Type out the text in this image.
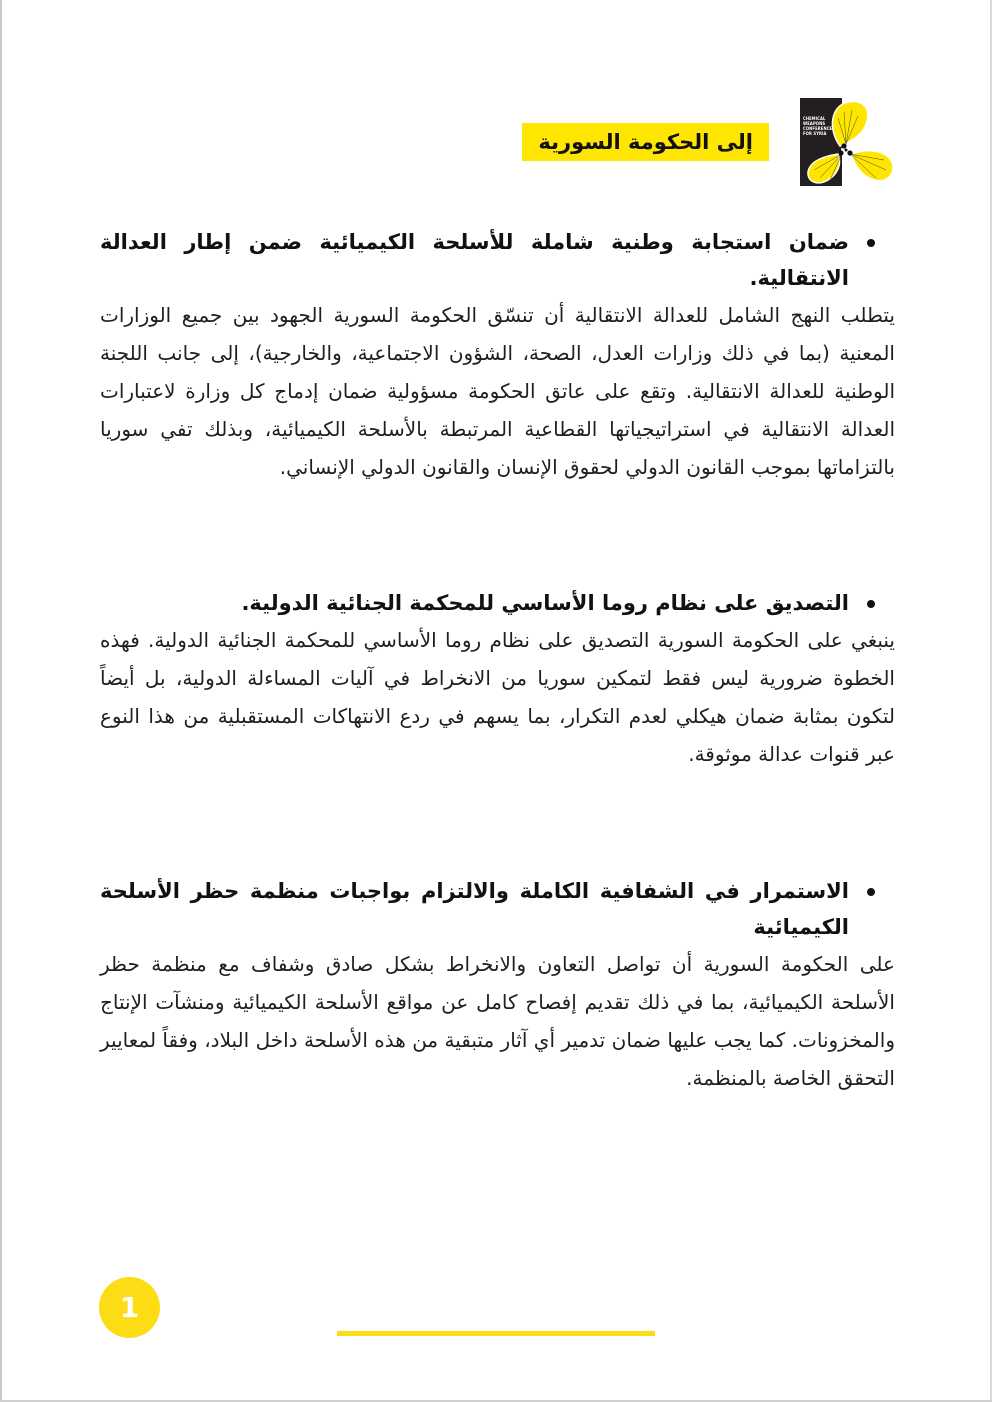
CHEMICAL
WEAPONS
CONFERENCE
FOR SYRIA
إلى الحكومة السورية
ضمان استجابة وطنية شاملة للأسلحة الكيميائية ضمن إطار العدالة الانتقالية.

يتطلب النهج الشامل للعدالة الانتقالية أن تنسّق الحكومة السورية الجهود بين جميع الوزارات المعنية (بما في ذلك وزارات العدل، الصحة، الشؤون الاجتماعية، والخارجية)، إلى جانب اللجنة الوطنية للعدالة الانتقالية. وتقع على عاتق الحكومة مسؤولية ضمان إدماج كل وزارة لاعتبارات العدالة الانتقالية في استراتيجياتها القطاعية المرتبطة بالأسلحة الكيميائية، وبذلك تفي سوريا بالتزاماتها بموجب القانون الدولي لحقوق الإنسان والقانون الدولي الإنساني.

التصديق على نظام روما الأساسي للمحكمة الجنائية الدولية.

ينبغي على الحكومة السورية التصديق على نظام روما الأساسي للمحكمة الجنائية الدولية. فهذه الخطوة ضرورية ليس فقط لتمكين سوريا من الانخراط في آليات المساءلة الدولية، بل أيضاً لتكون بمثابة ضمان هيكلي لعدم التكرار، بما يسهم في ردع الانتهاكات المستقبلية من هذا النوع عبر قنوات عدالة موثوقة.

الاستمرار في الشفافية الكاملة والالتزام بواجبات منظمة حظر الأسلحة الكيميائية

على الحكومة السورية أن تواصل التعاون والانخراط بشكل صادق وشفاف مع منظمة حظر الأسلحة الكيميائية، بما في ذلك تقديم إفصاح كامل عن مواقع الأسلحة الكيميائية ومنشآت الإنتاج والمخزونات. كما يجب عليها ضمان تدمير أي آثار متبقية من هذه الأسلحة داخل البلاد، وفقاً لمعايير التحقق الخاصة بالمنظمة.

1
